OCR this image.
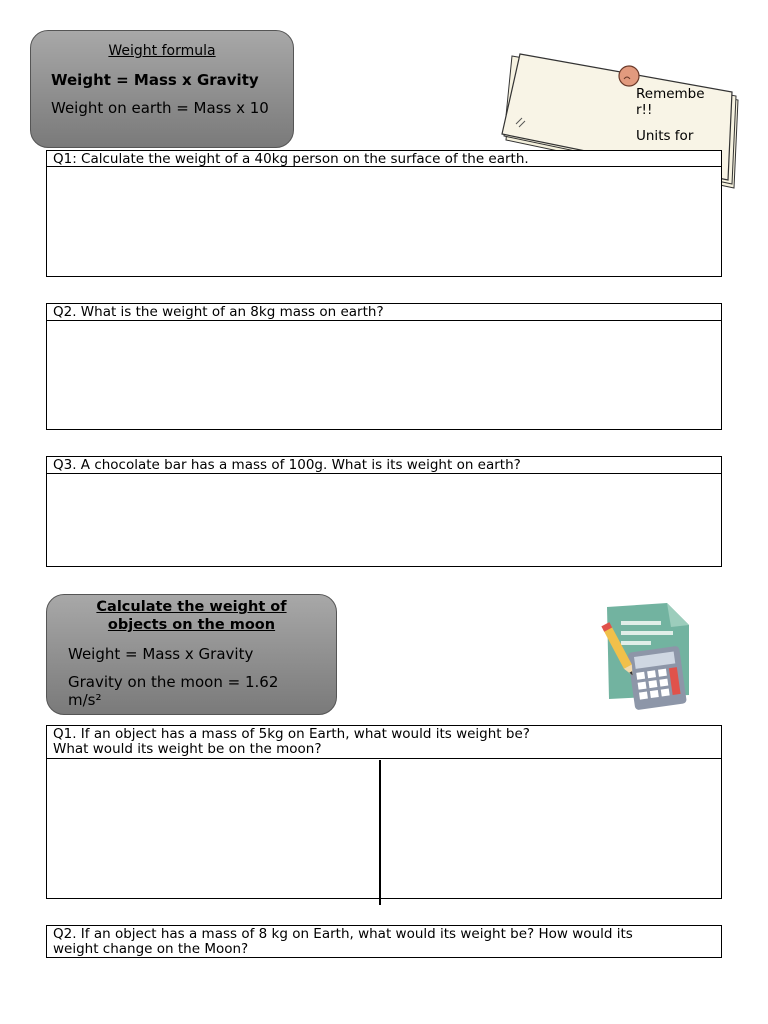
Weight formula
Weight = Mass x Gravity
Weight on earth = Mass x 10
Remembe
r!!
Units for
Q1: Calculate the weight of a 40kg person on the surface of the earth.
Q2. What is the weight of an 8kg mass on earth?
Q3. A chocolate bar has a mass of 100g. What is its weight on earth?
Calculate the weight of objects on the moon
Weight = Mass x Gravity
Gravity on the moon = 1.62 m/s²
Q1. If an object has a mass of 5kg on Earth, what would its weight be?
What would its weight be on the moon?
Q2. If an object has a mass of 8 kg on Earth, what would its weight be? How would its
weight change on the Moon?
